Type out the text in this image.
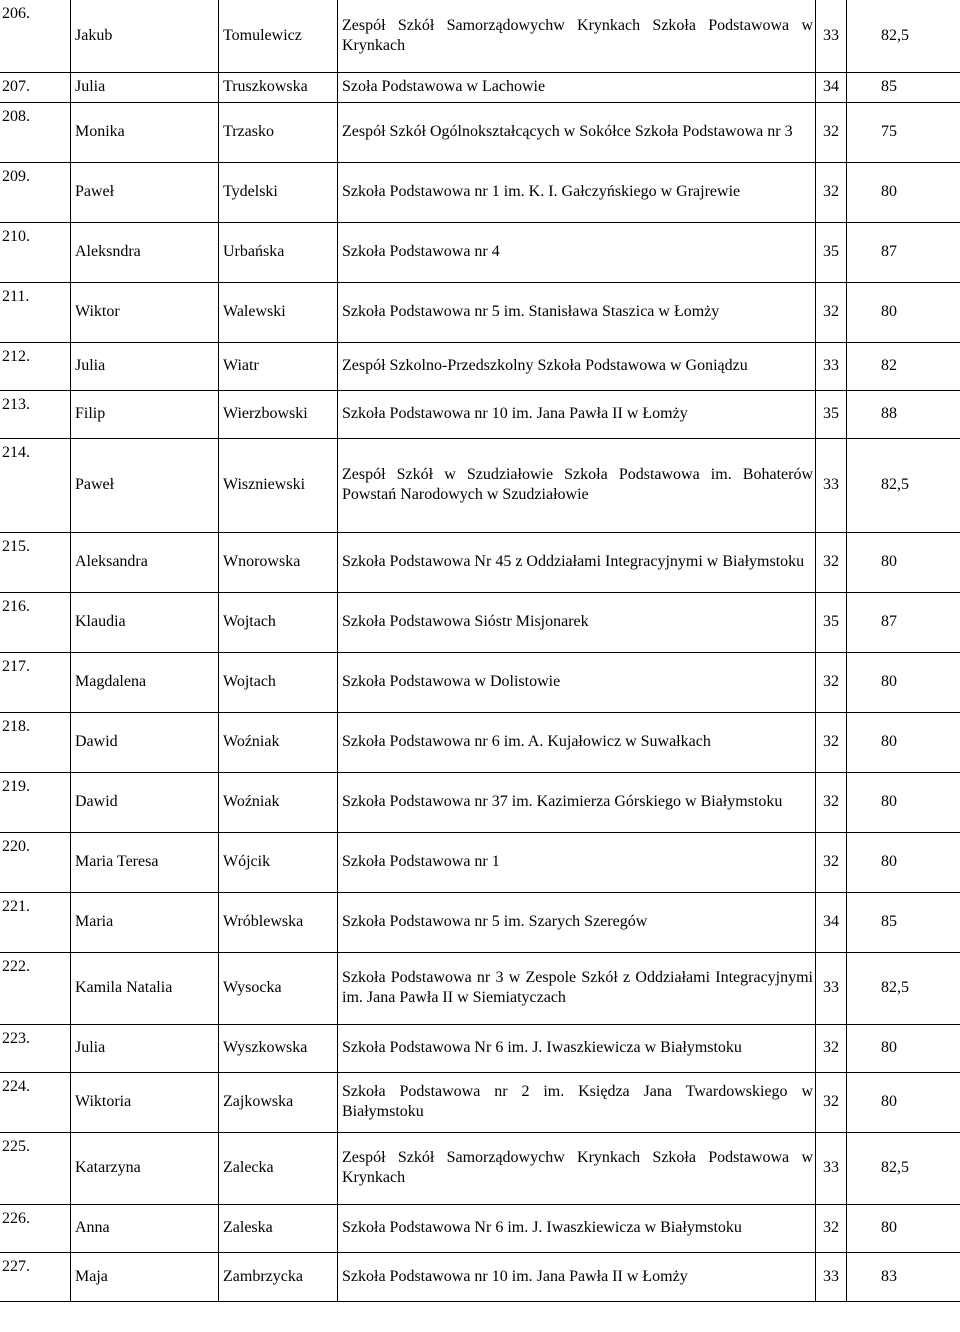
206.	Jakub	Tomulewicz	Zespół Szkół Samorządowychw Krynkach Szkoła Podstawowa w Krynkach	33	82,5

207.	Julia	Truszkowska	Szoła Podstawowa w Lachowie	34	85

208.	Monika	Trzasko	Zespół Szkół Ogólnokształcących w Sokółce Szkoła Podstawowa nr 3	32	75

209.	Paweł	Tydelski	Szkoła Podstawowa nr 1 im. K. I. Gałczyńskiego w Grajrewie	32	80

210.	Aleksndra	Urbańska	Szkoła Podstawowa nr 4	35	87

211.	Wiktor	Walewski	Szkoła Podstawowa nr 5 im. Stanisława Staszica w Łomży	32	80

212.	Julia	Wiatr	Zespół Szkolno-Przedszkolny Szkoła Podstawowa w Goniądzu	33	82

213.	Filip	Wierzbowski	Szkoła Podstawowa nr 10 im. Jana Pawła II w Łomży	35	88

214.	Paweł	Wiszniewski	Zespół Szkół w Szudziałowie Szkoła Podstawowa im. Bohaterów Powstań Narodowych w Szudziałowie	33	82,5

215.	Aleksandra	Wnorowska	Szkoła Podstawowa Nr 45 z Oddziałami Integracyjnymi w Białymstoku	32	80

216.	Klaudia	Wojtach	Szkoła Podstawowa Sióstr Misjonarek	35	87

217.	Magdalena	Wojtach	Szkoła Podstawowa w Dolistowie	32	80

218.	Dawid	Woźniak	Szkoła Podstawowa nr 6 im. A. Kujałowicz w Suwałkach	32	80

219.	Dawid	Woźniak	Szkoła Podstawowa nr 37 im. Kazimierza Górskiego w Białymstoku	32	80

220.	Maria Teresa	Wójcik	Szkoła Podstawowa nr 1	32	80

221.	Maria	Wróblewska	Szkoła Podstawowa nr 5 im. Szarych Szeregów	34	85

222.	Kamila Natalia	Wysocka	Szkoła Podstawowa nr 3 w Zespole Szkół z Oddziałami Integracyjnymi im. Jana Pawła II w Siemiatyczach	33	82,5

223.	Julia	Wyszkowska	Szkoła Podstawowa Nr 6 im. J. Iwaszkiewicza w Białymstoku	32	80

224.	Wiktoria	Zajkowska	Szkoła Podstawowa nr 2 im. Księdza Jana Twardowskiego w Białymstoku	32	80

225.	Katarzyna	Zalecka	Zespół Szkół Samorządowychw Krynkach Szkoła Podstawowa w Krynkach	33	82,5

226.	Anna	Zaleska	Szkoła Podstawowa Nr 6 im. J. Iwaszkiewicza w Białymstoku	32	80

227.	Maja	Zambrzycka	Szkoła Podstawowa nr 10 im. Jana Pawła II w Łomży	33	83
